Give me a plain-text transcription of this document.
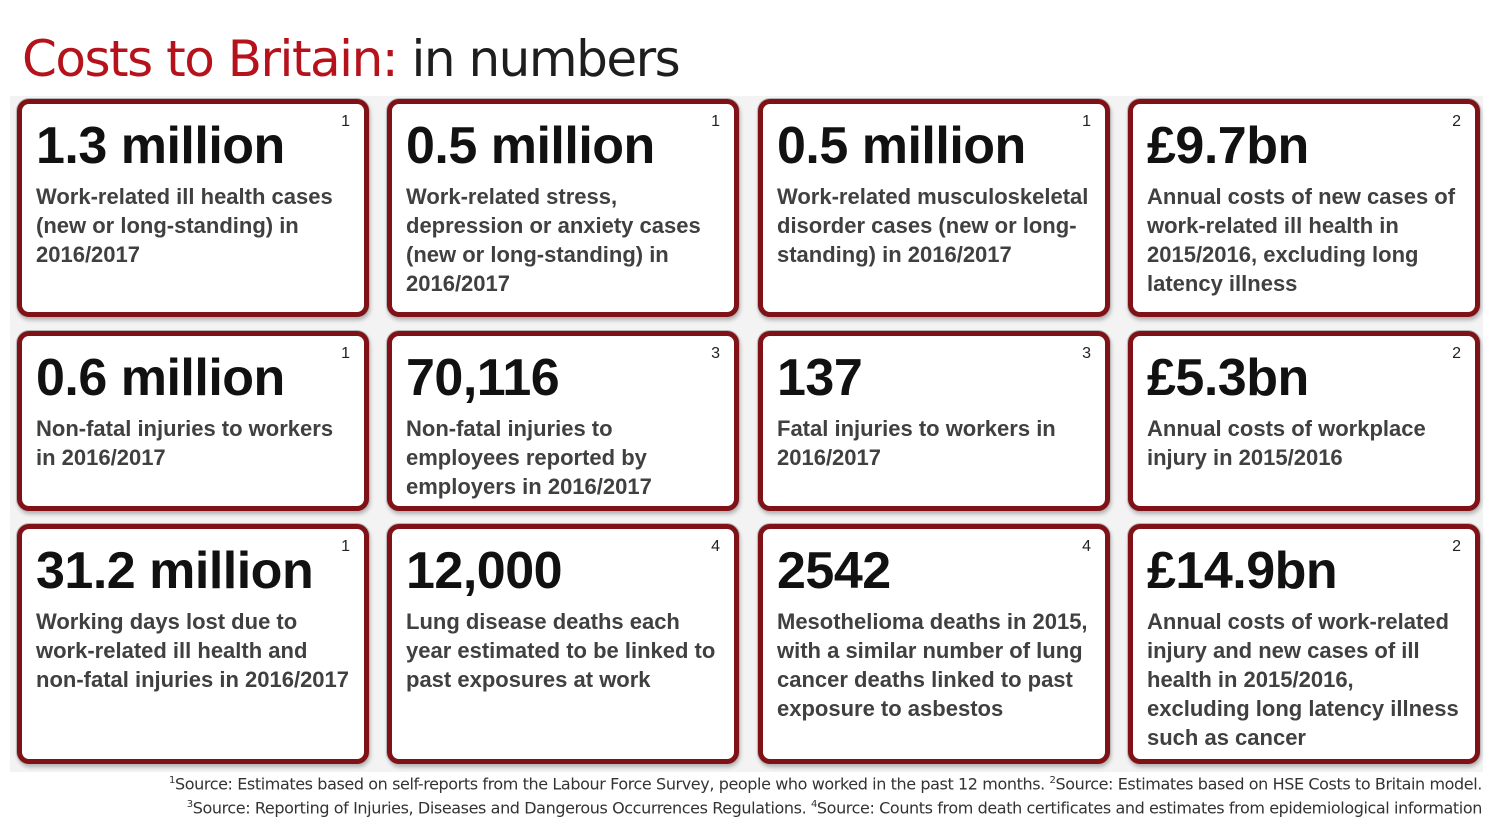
Costs to Britain: in numbers
1.3 million
Work-related ill health cases (new or long-standing) in 2016/2017
1 0.5 million
Work-related stress, depression or anxiety cases (new or long-standing) in 2016/2017
1 0.5 million
Work-related musculoskeletal disorder cases (new or long-standing) in 2016/2017
1 £9.7bn
Annual costs of new cases of work-related ill health in 2015/2016, excluding long latency illness
2
0.6 million
Non-fatal injuries to workers in 2016/2017
1 70,116
Non-fatal injuries to employees reported by employers in 2016/2017
3 137
Fatal injuries to workers in 2016/2017
3 £5.3bn
Annual costs of workplace injury in 2015/2016
2
31.2 million
Working days lost due to work-related ill health and non-fatal injuries in 2016/2017
1 12,000
Lung disease deaths each year estimated to be linked to past exposures at work
4 2542
Mesothelioma deaths in 2015, with a similar number of lung cancer deaths linked to past exposure to asbestos
4 £14.9bn
Annual costs of work-related injury and new cases of ill health in 2015/2016, excluding long latency illness such as cancer
2
$^1$Source: Estimates based on self-reports from the Labour Force Survey, people who worked in the past 12 months. $^2$Source: Estimates based on HSE Costs to Britain model.
$^3$Source: Reporting of Injuries, Diseases and Dangerous Occurrences Regulations. $^4$Source: Counts from death certificates and estimates from epidemiological information
